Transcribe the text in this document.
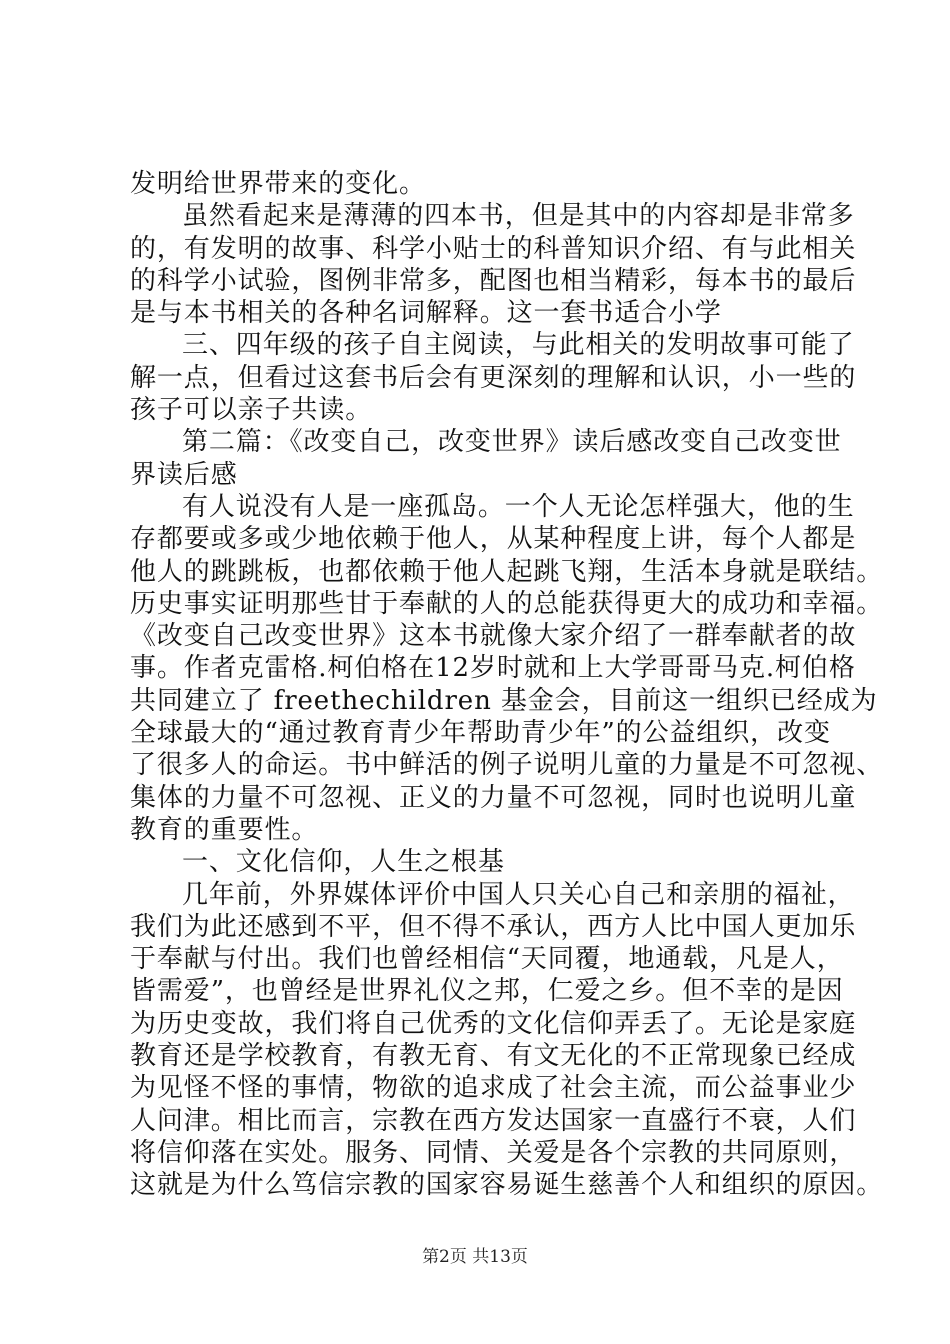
发明给世界带来的变化。
虽然看起来是薄薄的四本书，但是其中的内容却是非常多
的，有发明的故事、科学小贴士的科普知识介绍、有与此相关
的科学小试验，图例非常多，配图也相当精彩，每本书的最后
是与本书相关的各种名词解释。这一套书适合小学
三、四年级的孩子自主阅读，与此相关的发明故事可能了
解一点，但看过这套书后会有更深刻的理解和认识，小一些的
孩子可以亲子共读。
第二篇：《改变自己，改变世界》读后感改变自己改变世
界读后感
有人说没有人是一座孤岛。一个人无论怎样强大，他的生
存都要或多或少地依赖于他人，从某种程度上讲，每个人都是
他人的跳跳板，也都依赖于他人起跳飞翔，生活本身就是联结。
历史事实证明那些甘于奉献的人的总能获得更大的成功和幸福。
《改变自己改变世界》这本书就像大家介绍了一群奉献者的故
事。作者克雷格.柯伯格在12岁时就和上大学哥哥马克.柯伯格
共同建立了 freethechildren 基金会，目前这一组织已经成为
全球最大的“通过教育青少年帮助青少年”的公益组织，改变
了很多人的命运。书中鲜活的例子说明儿童的力量是不可忽视、
集体的力量不可忽视、正义的力量不可忽视，同时也说明儿童
教育的重要性。
一、文化信仰，人生之根基
几年前，外界媒体评价中国人只关心自己和亲朋的福祉，
我们为此还感到不平，但不得不承认，西方人比中国人更加乐
于奉献与付出。我们也曾经相信“天同覆，地通载，凡是人，
皆需爱”，也曾经是世界礼仪之邦，仁爱之乡。但不幸的是因
为历史变故，我们将自己优秀的文化信仰弄丢了。无论是家庭
教育还是学校教育，有教无育、有文无化的不正常现象已经成
为见怪不怪的事情，物欲的追求成了社会主流，而公益事业少
人问津。相比而言，宗教在西方发达国家一直盛行不衰，人们
将信仰落在实处。服务、同情、关爱是各个宗教的共同原则，
这就是为什么笃信宗教的国家容易诞生慈善个人和组织的原因。
第2页 共13页
